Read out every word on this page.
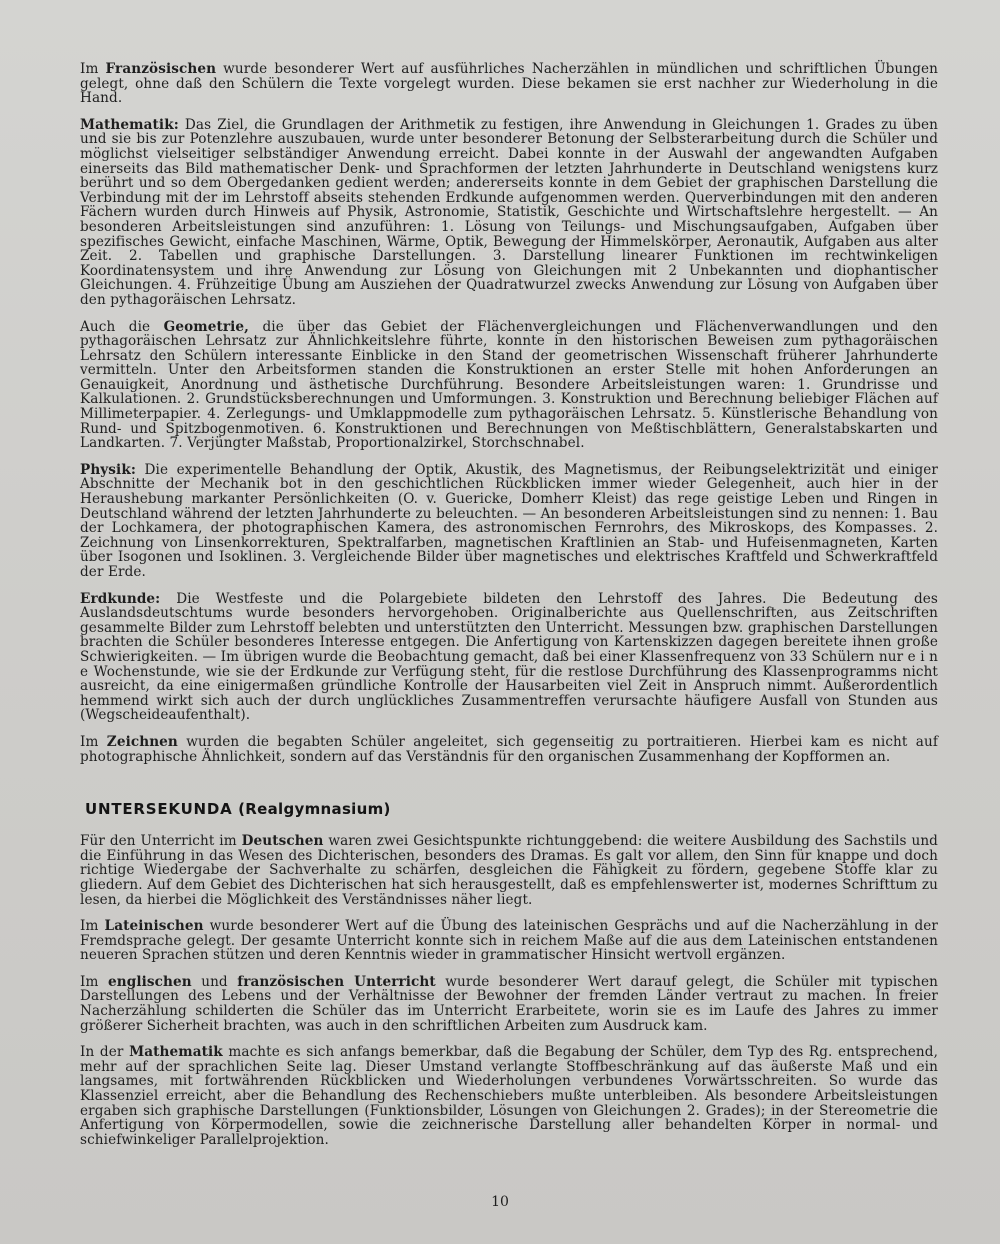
Im Französischen wurde besonderer Wert auf ausführliches Nacherzählen in mündlichen und schriftlichen Übungen gelegt, ohne daß den Schülern die Texte vorgelegt wurden. Diese bekamen sie erst nachher zur Wiederholung in die Hand.

Mathematik: Das Ziel, die Grundlagen der Arithmetik zu festigen, ihre Anwendung in Gleichungen 1. Grades zu üben und sie bis zur Potenzlehre auszubauen, wurde unter besonderer Betonung der Selbsterarbeitung durch die Schüler und möglichst vielseitiger selbständiger Anwendung erreicht. Dabei konnte in der Auswahl der angewandten Aufgaben einerseits das Bild mathematischer Denk- und Sprachformen der letzten Jahrhunderte in Deutschland wenigstens kurz berührt und so dem Obergedanken gedient werden; andererseits konnte in dem Gebiet der graphischen Darstellung die Verbindung mit der im Lehrstoff abseits stehenden Erdkunde aufgenommen werden. Querverbindungen mit den anderen Fächern wurden durch Hinweis auf Physik, Astronomie, Statistik, Geschichte und Wirtschaftslehre hergestellt. — An besonderen Arbeitsleistungen sind anzuführen: 1. Lösung von Teilungs- und Mischungsaufgaben, Aufgaben über spezifisches Gewicht, einfache Maschinen, Wärme, Optik, Bewegung der Himmelskörper, Aeronautik, Aufgaben aus alter Zeit. 2. Tabellen und graphische Darstellungen. 3. Darstellung linearer Funktionen im rechtwinkeligen Koordinatensystem und ihre Anwendung zur Lösung von Gleichungen mit 2 Unbekannten und diophantischer Gleichungen. 4. Frühzeitige Übung am Ausziehen der Quadratwurzel zwecks Anwendung zur Lösung von Aufgaben über den pythagoräischen Lehrsatz.

Auch die Geometrie, die über das Gebiet der Flächenvergleichungen und Flächenverwandlungen und den pythagoräischen Lehrsatz zur Ähnlichkeitslehre führte, konnte in den historischen Beweisen zum pythagoräischen Lehrsatz den Schülern interessante Einblicke in den Stand der geometrischen Wissenschaft früherer Jahrhunderte vermitteln. Unter den Arbeitsformen standen die Konstruktionen an erster Stelle mit hohen Anforderungen an Genauigkeit, Anordnung und ästhetische Durchführung. Besondere Arbeitsleistungen waren: 1. Grundrisse und Kalkulationen. 2. Grundstücksberechnungen und Umformungen. 3. Konstruktion und Berechnung beliebiger Flächen auf Millimeterpapier. 4. Zerlegungs- und Umklappmodelle zum pythagoräischen Lehrsatz. 5. Künstlerische Behandlung von Rund- und Spitzbogenmotiven. 6. Konstruktionen und Berechnungen von Meßtischblättern, Generalstabskarten und Landkarten. 7. Verjüngter Maßstab, Proportionalzirkel, Storchschnabel.

Physik: Die experimentelle Behandlung der Optik, Akustik, des Magnetismus, der Reibungselektrizität und einiger Abschnitte der Mechanik bot in den geschichtlichen Rückblicken immer wieder Gelegenheit, auch hier in der Heraushebung markanter Persönlichkeiten (O. v. Guericke, Domherr Kleist) das rege geistige Leben und Ringen in Deutschland während der letzten Jahrhunderte zu beleuchten. — An besonderen Arbeitsleistungen sind zu nennen: 1. Bau der Lochkamera, der photographischen Kamera, des astronomischen Fernrohrs, des Mikroskops, des Kompasses. 2. Zeichnung von Linsenkorrekturen, Spektralfarben, magnetischen Kraftlinien an Stab- und Hufeisenmagneten, Karten über Isogonen und Isoklinen. 3. Vergleichende Bilder über magnetisches und elektrisches Kraftfeld und Schwerkraftfeld der Erde.

Erdkunde: Die Westfeste und die Polargebiete bildeten den Lehrstoff des Jahres. Die Bedeutung des Auslandsdeutschtums wurde besonders hervorgehoben. Originalberichte aus Quellenschriften, aus Zeitschriften gesammelte Bilder zum Lehrstoff belebten und unterstützten den Unterricht. Messungen bzw. graphischen Darstellungen brachten die Schüler besonderes Interesse entgegen. Die Anfertigung von Kartenskizzen dagegen bereitete ihnen große Schwierigkeiten. — Im übrigen wurde die Beobachtung gemacht, daß bei einer Klassenfrequenz von 33 Schülern nur e i n e Wochenstunde, wie sie der Erdkunde zur Verfügung steht, für die restlose Durchführung des Klassenprogramms nicht ausreicht, da eine einigermaßen gründliche Kontrolle der Hausarbeiten viel Zeit in Anspruch nimmt. Außerordentlich hemmend wirkt sich auch der durch unglückliches Zusammentreffen verursachte häufigere Ausfall von Stunden aus (Wegscheideaufenthalt).

Im Zeichnen wurden die begabten Schüler angeleitet, sich gegenseitig zu portraitieren. Hierbei kam es nicht auf photographische Ähnlichkeit, sondern auf das Verständnis für den organischen Zusammenhang der Kopfformen an.

UNTERSEKUNDA (Realgymnasium)

Für den Unterricht im Deutschen waren zwei Gesichtspunkte richtunggebend: die weitere Ausbildung des Sachstils und die Einführung in das Wesen des Dichterischen, besonders des Dramas. Es galt vor allem, den Sinn für knappe und doch richtige Wiedergabe der Sachverhalte zu schärfen, desgleichen die Fähigkeit zu fördern, gegebene Stoffe klar zu gliedern. Auf dem Gebiet des Dichterischen hat sich herausgestellt, daß es empfehlenswerter ist, modernes Schrifttum zu lesen, da hierbei die Möglichkeit des Verständnisses näher liegt.

Im Lateinischen wurde besonderer Wert auf die Übung des lateinischen Gesprächs und auf die Nacherzählung in der Fremdsprache gelegt. Der gesamte Unterricht konnte sich in reichem Maße auf die aus dem Lateinischen entstandenen neueren Sprachen stützen und deren Kenntnis wieder in grammatischer Hinsicht wertvoll ergänzen.

Im englischen und französischen Unterricht wurde besonderer Wert darauf gelegt, die Schüler mit typischen Darstellungen des Lebens und der Verhältnisse der Bewohner der fremden Länder vertraut zu machen. In freier Nacherzählung schilderten die Schüler das im Unterricht Erarbeitete, worin sie es im Laufe des Jahres zu immer größerer Sicherheit brachten, was auch in den schriftlichen Arbeiten zum Ausdruck kam.

In der Mathematik machte es sich anfangs bemerkbar, daß die Begabung der Schüler, dem Typ des Rg. entsprechend, mehr auf der sprachlichen Seite lag. Dieser Umstand verlangte Stoffbeschränkung auf das äußerste Maß und ein langsames, mit fortwährenden Rückblicken und Wiederholungen verbundenes Vorwärtsschreiten. So wurde das Klassenziel erreicht, aber die Behandlung des Rechenschiebers mußte unterbleiben. Als besondere Arbeitsleistungen ergaben sich graphische Darstellungen (Funktionsbilder, Lösungen von Gleichungen 2. Grades); in der Stereometrie die Anfertigung von Körpermodellen, sowie die zeichnerische Darstellung aller behandelten Körper in normal- und schiefwinkeliger Parallelprojektion.

10
